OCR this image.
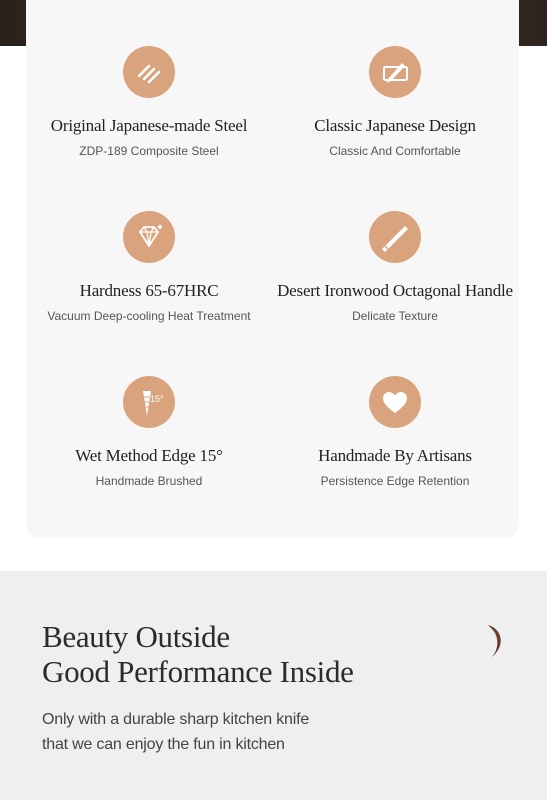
Original Japanese-made Steel
ZDP-189 Composite Steel
Classic Japanese Design
Classic And Comfortable
Hardness 65-67HRC
Vacuum Deep-cooling Heat Treatment
Desert Ironwood Octagonal Handle
Delicate Texture
15°
Wet Method Edge 15°
Handmade Brushed
Handmade By Artisans
Persistence Edge Retention
Beauty Outside
Good Performance Inside
Only with a durable sharp kitchen knife
that we can enjoy the fun in kitchen
